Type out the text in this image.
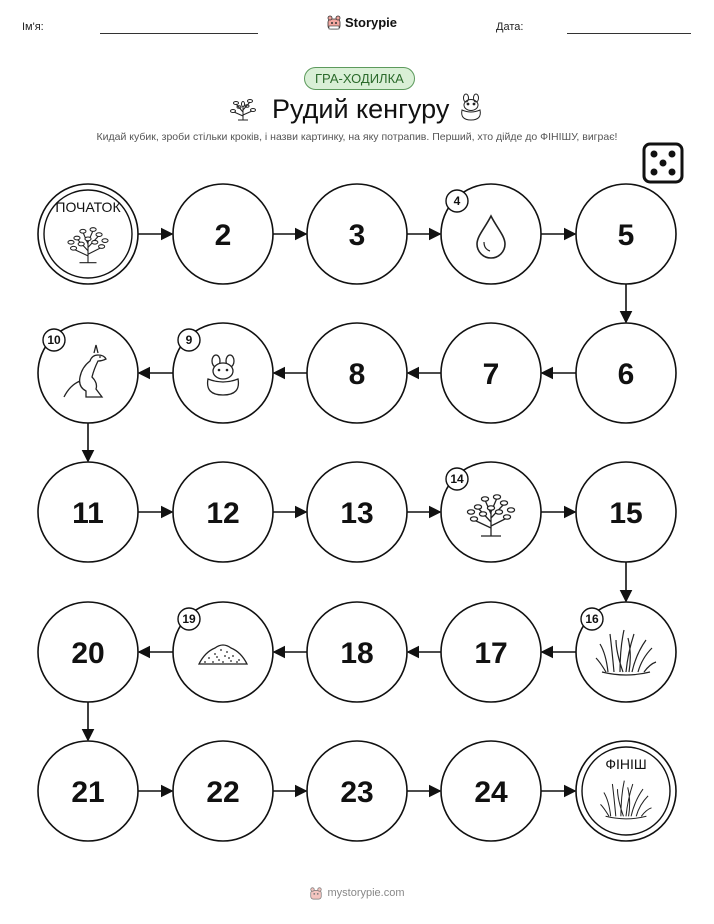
Ім'я:	Storypie	Дата:
ГРА-ХОДИЛКА
Рудий кенгуру
Кидай кубик, зроби стільки кроків, і назви картинку, на яку потрапив. Перший, хто дійде до ФІНІШУ, виграє!
ПОЧАТОК
2	3
4
5
6
7
8
9
10
11	12	13
14
15
16
17
18
19
20
21	22	23	24
ФІНІШ
mystorypie.com
